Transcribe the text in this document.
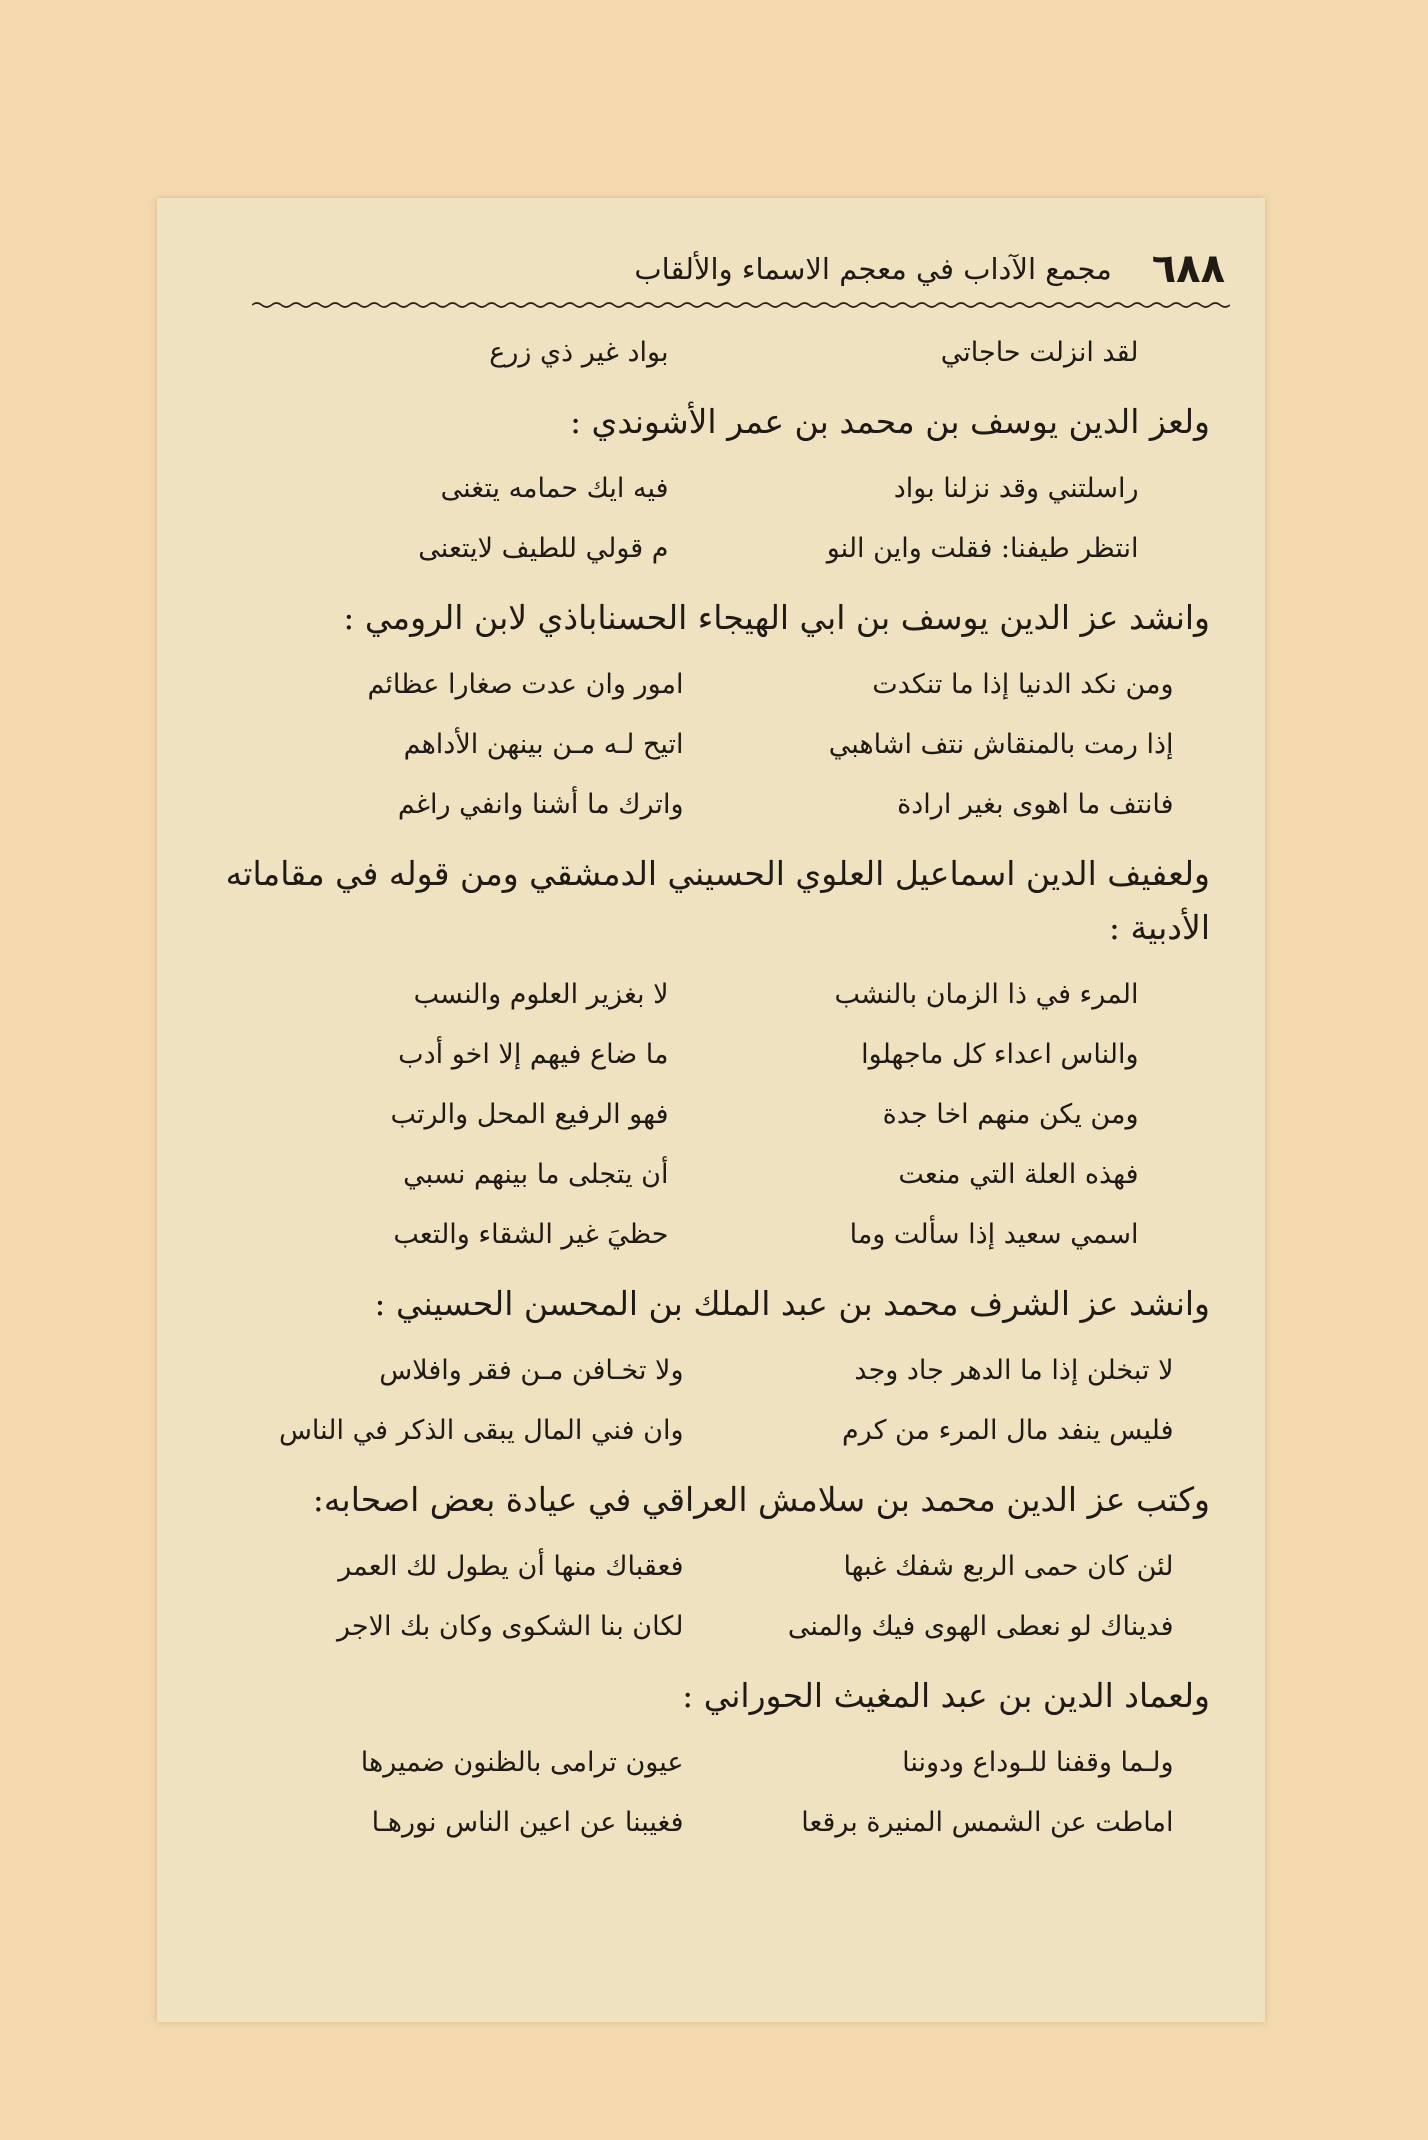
٦٨٨
مجمع الآداب في معجم الاسماء والألقاب
لقد انزلت حاجاتي
بواد غير ذي زرع
ولعز الدين يوسف بن محمد بن عمر الأشوندي :
راسلتني وقد نزلنا بواد
فيه ايك حمامه يتغنى
انتظر طيفنا: فقلت واين النو
م قولي للطيف لايتعنى
وانشد عز الدين يوسف بن ابي الهيجاء الحسناباذي لابن الرومي :
ومن نكد الدنيا إذا ما تنكدت
امور وان عدت صغارا عظائم
إذا رمت بالمنقاش نتف اشاهبي
اتيح لـه مـن بينهن الأداهم
فانتف ما اهوى بغير ارادة
واترك ما أشنا وانفي راغم
ولعفيف الدين اسماعيل العلوي الحسيني الدمشقي ومن قوله في مقاماته الأدبية :
المرء في ذا الزمان بالنشب
لا بغزير العلوم والنسب
والناس اعداء كل ماجهلوا
ما ضاع فيهم إلا اخو أدب
ومن يكن منهم اخا جدة
فهو الرفيع المحل والرتب
فهذه العلة التي منعت
أن يتجلى ما بينهم نسبي
اسمي سعيد إذا سألت وما
حظيَ غير الشقاء والتعب
وانشد عز الشرف محمد بن عبد الملك بن المحسن الحسيني :
لا تبخلن إذا ما الدهر جاد وجد
ولا تخـافن مـن فقر وافلاس
فليس ينفد مال المرء من كرم
وان فني المال يبقى الذكر في الناس
وكتب عز الدين محمد بن سلامش العراقي في عيادة بعض اصحابه:
لئن كان حمى الربع شفك غبها
فعقباك منها أن يطول لك العمر
فديناك لو نعطى الهوى فيك والمنى
لكان بنا الشكوى وكان بك الاجر
ولعماد الدين بن عبد المغيث الحوراني :
ولـما وقفنا للـوداع ودوننا
عيون ترامى بالظنون ضميرها
اماطت عن الشمس المنيرة برقعا
فغيبنا عن اعين الناس نورهـا
